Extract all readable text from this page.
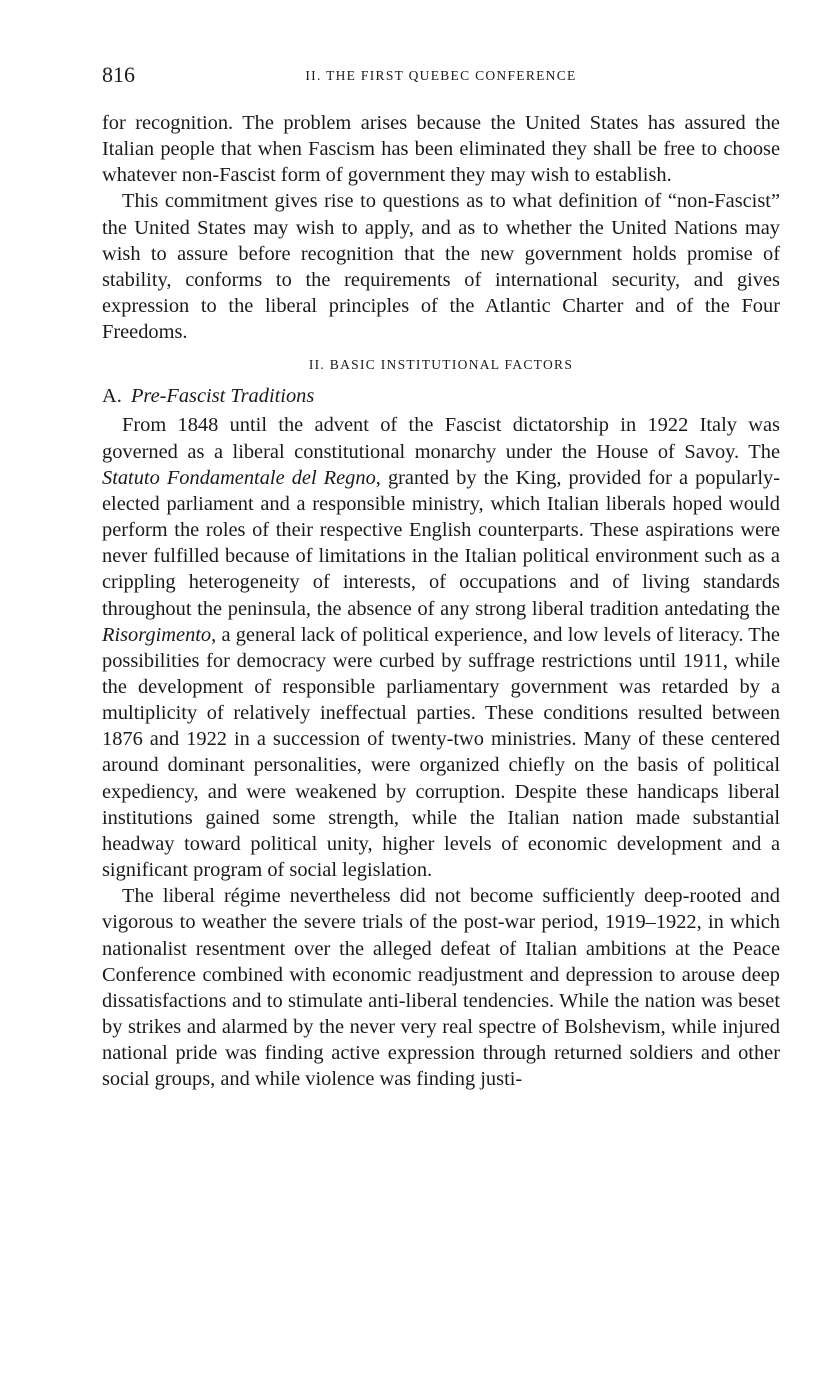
816	II. THE FIRST QUEBEC CONFERENCE

for recognition. The problem arises because the United States has assured the Italian people that when Fascism has been eliminated they shall be free to choose whatever non-Fascist form of government they may wish to establish.

This commitment gives rise to questions as to what definition of “non-Fascist” the United States may wish to apply, and as to whether the United Nations may wish to assure before recognition that the new government holds promise of stability, conforms to the requirements of international security, and gives expression to the liberal principles of the Atlantic Charter and of the Four Freedoms.

II. BASIC INSTITUTIONAL FACTORS
A. Pre-Fascist Traditions

From 1848 until the advent of the Fascist dictatorship in 1922 Italy was governed as a liberal constitutional monarchy under the House of Savoy. The Statuto Fondamentale del Regno, granted by the King, provided for a popularly-elected parliament and a responsible ministry, which Italian liberals hoped would perform the roles of their respective English counterparts. These aspirations were never fulfilled because of limitations in the Italian political environment such as a crippling heterogeneity of interests, of occupations and of living standards throughout the peninsula, the absence of any strong liberal tradition antedating the Risorgimento, a general lack of political experience, and low levels of literacy. The possibilities for democracy were curbed by suffrage restrictions until 1911, while the development of responsible parliamentary government was retarded by a multiplicity of relatively ineffectual parties. These conditions resulted between 1876 and 1922 in a succession of twenty-two ministries. Many of these centered around dominant personalities, were organized chiefly on the basis of political expediency, and were weakened by corruption. Despite these handicaps liberal institutions gained some strength, while the Italian nation made substantial headway toward political unity, higher levels of economic development and a significant program of social legislation.

The liberal régime nevertheless did not become sufficiently deep-rooted and vigorous to weather the severe trials of the post-war period, 1919–1922, in which nationalist resentment over the alleged defeat of Italian ambitions at the Peace Conference combined with economic readjustment and depression to arouse deep dissatisfactions and to stimulate anti-liberal tendencies. While the nation was beset by strikes and alarmed by the never very real spectre of Bolshevism, while injured national pride was finding active expression through returned soldiers and other social groups, and while violence was finding justi-
